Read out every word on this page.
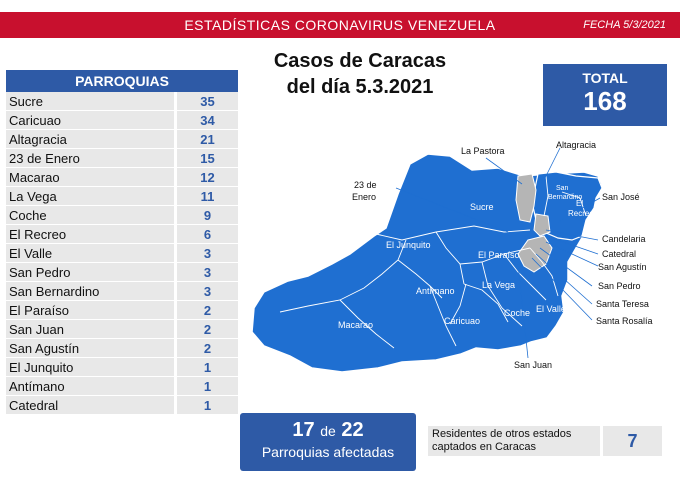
ESTADÍSTICAS CORONAVIRUS VENEZUELA	FECHA 5/3/2021
Casos de Caracas
del día 5.3.2021	TOTAL
168
PARROQUIAS
Sucre	35
Caricuao	34
Altagracia	21
23 de Enero	15
Macarao	12
La Vega	11
Coche	9
El Recreo	6
El Valle	3
San Pedro	3
San Bernardino	3
El Paraíso	2
San Juan	2
San Agustín	2
El Junquito	1
Antímano	1
Catedral	1
Sucre
El Junquito
El Paraíso
Antímano
La Vega
Macarao	Caricuao
Coche El Valle
San
Bernardino
El
Recreo
La Pastora
Altagracia
23 de
Enero	San José
Candelaria
Catedral
San Agustín
San Pedro
Santa Teresa
Santa Rosalía
San Juan
17 de 22
Parroquias afectadas
Residentes de otros estados captados en Caracas	7
